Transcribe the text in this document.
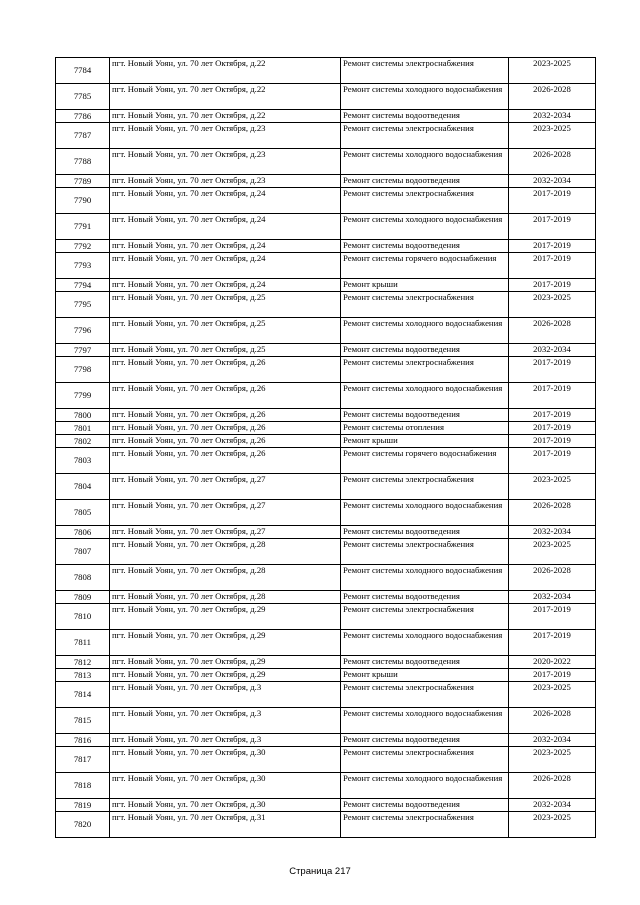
7784	пгт. Новый Уоян, ул. 70 лет Октября, д.22	Ремонт системы электроснабжения	2023-2025
7785	пгт. Новый Уоян, ул. 70 лет Октября, д.22	Ремонт системы холодного водоснабжения	2026-2028
7786	пгт. Новый Уоян, ул. 70 лет Октября, д.22	Ремонт системы водоотведения	2032-2034
7787	пгт. Новый Уоян, ул. 70 лет Октября, д.23	Ремонт системы электроснабжения	2023-2025
7788	пгт. Новый Уоян, ул. 70 лет Октября, д.23	Ремонт системы холодного водоснабжения	2026-2028
7789	пгт. Новый Уоян, ул. 70 лет Октября, д.23	Ремонт системы водоотведения	2032-2034
7790	пгт. Новый Уоян, ул. 70 лет Октября, д.24	Ремонт системы электроснабжения	2017-2019
7791	пгт. Новый Уоян, ул. 70 лет Октября, д.24	Ремонт системы холодного водоснабжения	2017-2019
7792	пгт. Новый Уоян, ул. 70 лет Октября, д.24	Ремонт системы водоотведения	2017-2019
7793	пгт. Новый Уоян, ул. 70 лет Октября, д.24	Ремонт системы горячего водоснабжения	2017-2019
7794	пгт. Новый Уоян, ул. 70 лет Октября, д.24	Ремонт крыши	2017-2019
7795	пгт. Новый Уоян, ул. 70 лет Октября, д.25	Ремонт системы электроснабжения	2023-2025
7796	пгт. Новый Уоян, ул. 70 лет Октября, д.25	Ремонт системы холодного водоснабжения	2026-2028
7797	пгт. Новый Уоян, ул. 70 лет Октября, д.25	Ремонт системы водоотведения	2032-2034
7798	пгт. Новый Уоян, ул. 70 лет Октября, д.26	Ремонт системы электроснабжения	2017-2019
7799	пгт. Новый Уоян, ул. 70 лет Октября, д.26	Ремонт системы холодного водоснабжения	2017-2019
7800	пгт. Новый Уоян, ул. 70 лет Октября, д.26	Ремонт системы водоотведения	2017-2019
7801	пгт. Новый Уоян, ул. 70 лет Октября, д.26	Ремонт системы отопления	2017-2019
7802	пгт. Новый Уоян, ул. 70 лет Октября, д.26	Ремонт крыши	2017-2019
7803	пгт. Новый Уоян, ул. 70 лет Октября, д.26	Ремонт системы горячего водоснабжения	2017-2019
7804	пгт. Новый Уоян, ул. 70 лет Октября, д.27	Ремонт системы электроснабжения	2023-2025
7805	пгт. Новый Уоян, ул. 70 лет Октября, д.27	Ремонт системы холодного водоснабжения	2026-2028
7806	пгт. Новый Уоян, ул. 70 лет Октября, д.27	Ремонт системы водоотведения	2032-2034
7807	пгт. Новый Уоян, ул. 70 лет Октября, д.28	Ремонт системы электроснабжения	2023-2025
7808	пгт. Новый Уоян, ул. 70 лет Октября, д.28	Ремонт системы холодного водоснабжения	2026-2028
7809	пгт. Новый Уоян, ул. 70 лет Октября, д.28	Ремонт системы водоотведения	2032-2034
7810	пгт. Новый Уоян, ул. 70 лет Октября, д.29	Ремонт системы электроснабжения	2017-2019
7811	пгт. Новый Уоян, ул. 70 лет Октября, д.29	Ремонт системы холодного водоснабжения	2017-2019
7812	пгт. Новый Уоян, ул. 70 лет Октября, д.29	Ремонт системы водоотведения	2020-2022
7813	пгт. Новый Уоян, ул. 70 лет Октября, д.29	Ремонт крыши	2017-2019
7814	пгт. Новый Уоян, ул. 70 лет Октября, д.3	Ремонт системы электроснабжения	2023-2025
7815	пгт. Новый Уоян, ул. 70 лет Октября, д.3	Ремонт системы холодного водоснабжения	2026-2028
7816	пгт. Новый Уоян, ул. 70 лет Октября, д.3	Ремонт системы водоотведения	2032-2034
7817	пгт. Новый Уоян, ул. 70 лет Октября, д.30	Ремонт системы электроснабжения	2023-2025
7818	пгт. Новый Уоян, ул. 70 лет Октября, д.30	Ремонт системы холодного водоснабжения	2026-2028
7819	пгт. Новый Уоян, ул. 70 лет Октября, д.30	Ремонт системы водоотведения	2032-2034
7820	пгт. Новый Уоян, ул. 70 лет Октября, д.31	Ремонт системы электроснабжения	2023-2025
Страница 217
